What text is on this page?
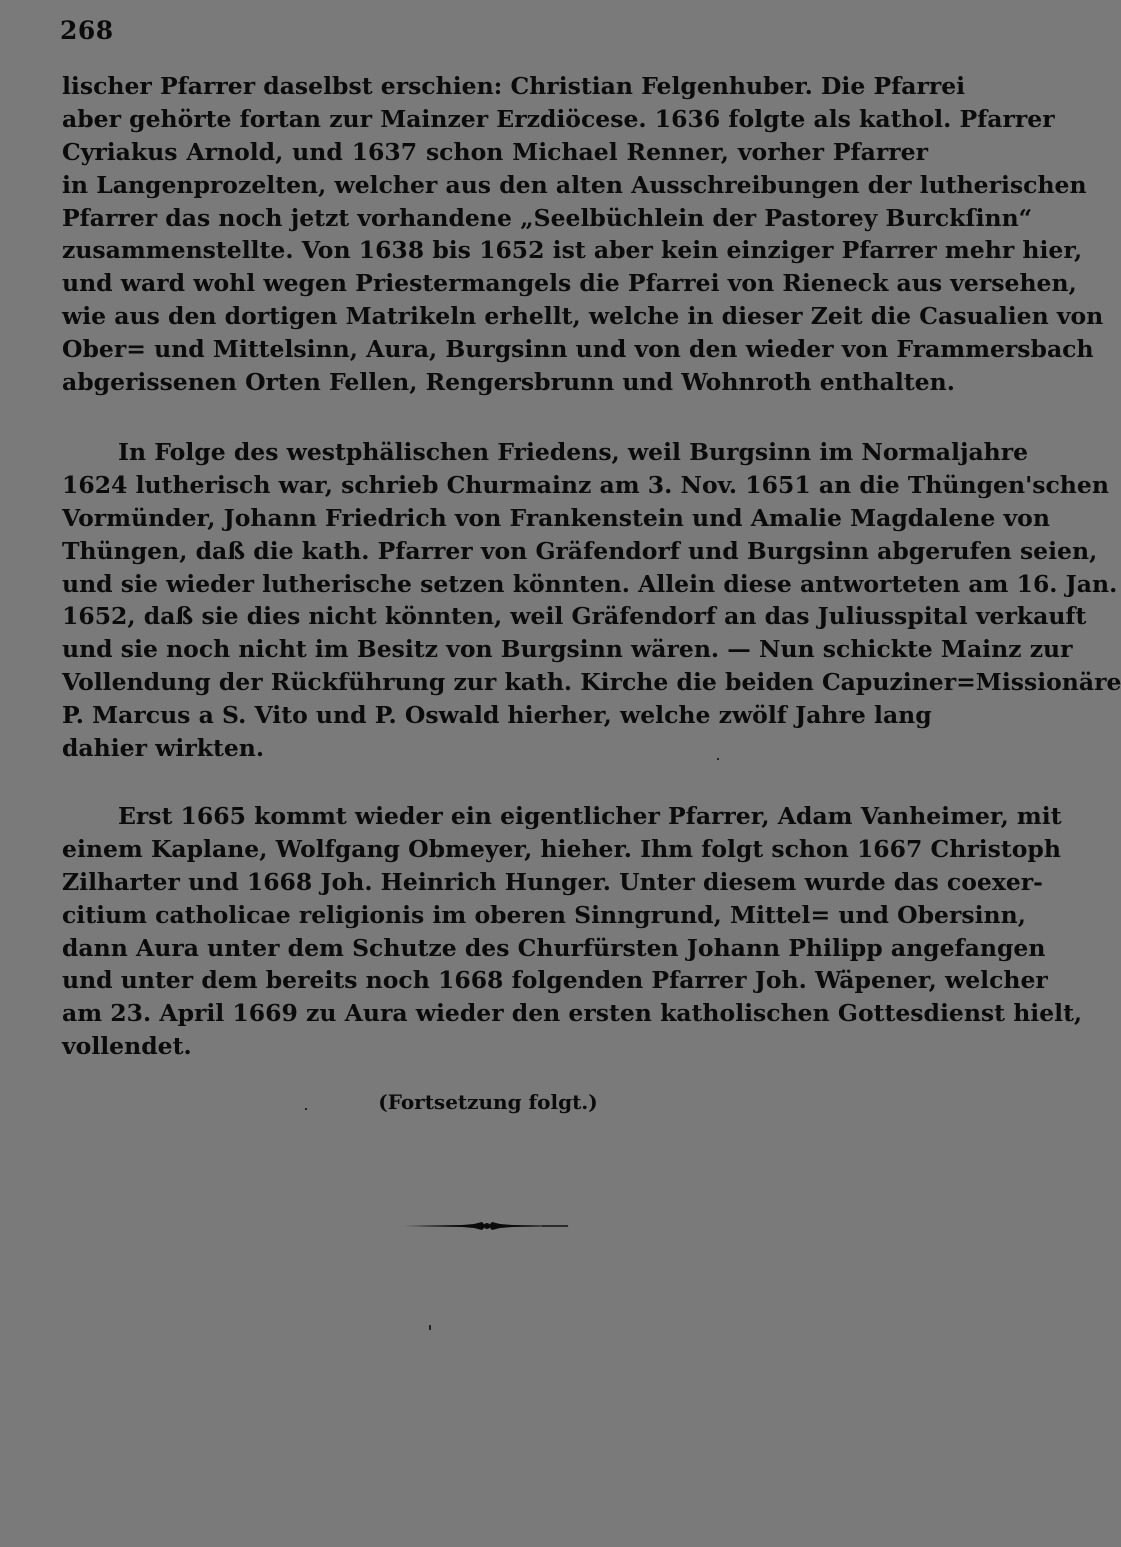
268
lischer Pfarrer daselbst erschien: Christian Felgenhuber. Die Pfarrei
aber gehörte fortan zur Mainzer Erzdiöcese. 1636 folgte als kathol. Pfarrer
Cyriakus Arnold, und 1637 schon Michael Renner, vorher Pfarrer
in Langenprozelten, welcher aus den alten Ausschreibungen der lutherischen
Pfarrer das noch jetzt vorhandene „Seelbüchlein der Pastorey Burckſinn“
zusammenstellte. Von 1638 bis 1652 ist aber kein einziger Pfarrer mehr hier,
und ward wohl wegen Priestermangels die Pfarrei von Rieneck aus versehen,
wie aus den dortigen Matrikeln erhellt, welche in dieser Zeit die Casualien von
Ober= und Mittelsinn, Aura, Burgsinn und von den wieder von Frammersbach
abgerissenen Orten Fellen, Rengersbrunn und Wohnroth enthalten.
In Folge des westphälischen Friedens, weil Burgsinn im Normaljahre
1624 lutherisch war, schrieb Churmainz am 3. Nov. 1651 an die Thüngen'schen
Vormünder, Johann Friedrich von Frankenstein und Amalie Magdalene von
Thüngen, daß die kath. Pfarrer von Gräfendorf und Burgsinn abgerufen seien,
und sie wieder lutherische setzen könnten. Allein diese antworteten am 16. Jan.
1652, daß sie dies nicht könnten, weil Gräfendorf an das Juliusspital verkauft
und sie noch nicht im Besitz von Burgsinn wären. — Nun schickte Mainz zur
Vollendung der Rückführung zur kath. Kirche die beiden Capuziner=Missionäre
P. Marcus a S. Vito und P. Oswald hierher, welche zwölf Jahre lang
dahier wirkten.
Erst 1665 kommt wieder ein eigentlicher Pfarrer, Adam Vanheimer, mit
einem Kaplane, Wolfgang Obmeyer, hieher. Ihm folgt schon 1667 Christoph
Zilharter und 1668 Joh. Heinrich Hunger. Unter diesem wurde das coexer-
citium catholicae religionis im oberen Sinngrund, Mittel= und Obersinn,
dann Aura unter dem Schutze des Churfürsten Johann Philipp angefangen
und unter dem bereits noch 1668 folgenden Pfarrer Joh. Wäpener, welcher
am 23. April 1669 zu Aura wieder den ersten katholischen Gottesdienst hielt,
vollendet.
(Fortsetzung folgt.)
